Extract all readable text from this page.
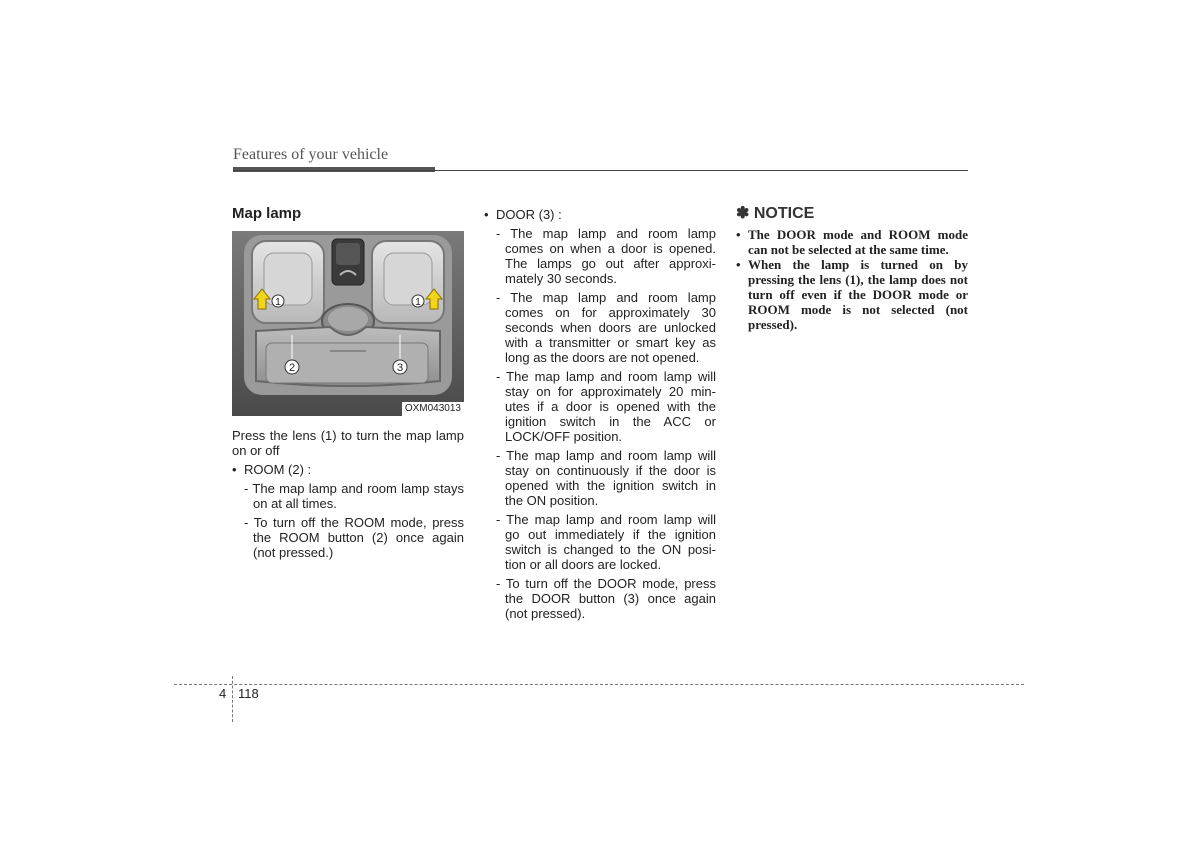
Features of your vehicle
Map lamp
1	1
2	3
OXM043013
Press the lens (1) to turn the map lamp on or off
• ROOM (2) :
- The map lamp and room lamp stays on at all times.
- To turn off the ROOM mode, press the ROOM button (2) once again (not pressed.)
• DOOR (3) :
- The map lamp and room lamp comes on when a door is opened. The lamps go out after approxi-mately 30 seconds.
- The map lamp and room lamp comes on for approximately 30 seconds when doors are unlocked with a transmitter or smart key as long as the doors are not opened.
- The map lamp and room lamp will stay on for approximately 20 min-utes if a door is opened with the ignition switch in the ACC or LOCK/OFF position.
- The map lamp and room lamp will stay on continuously if the door is opened with the ignition switch in the ON position.
- The map lamp and room lamp will go out immediately if the ignition switch is changed to the ON posi-tion or all doors are locked.
- To turn off the DOOR mode, press the DOOR button (3) once again (not pressed).
✽ NOTICE
• The DOOR mode and ROOM mode can not be selected at the same time.
• When the lamp is turned on by pressing the lens (1), the lamp does not turn off even if the DOOR mode or ROOM mode is not selected (not pressed).
4 118
